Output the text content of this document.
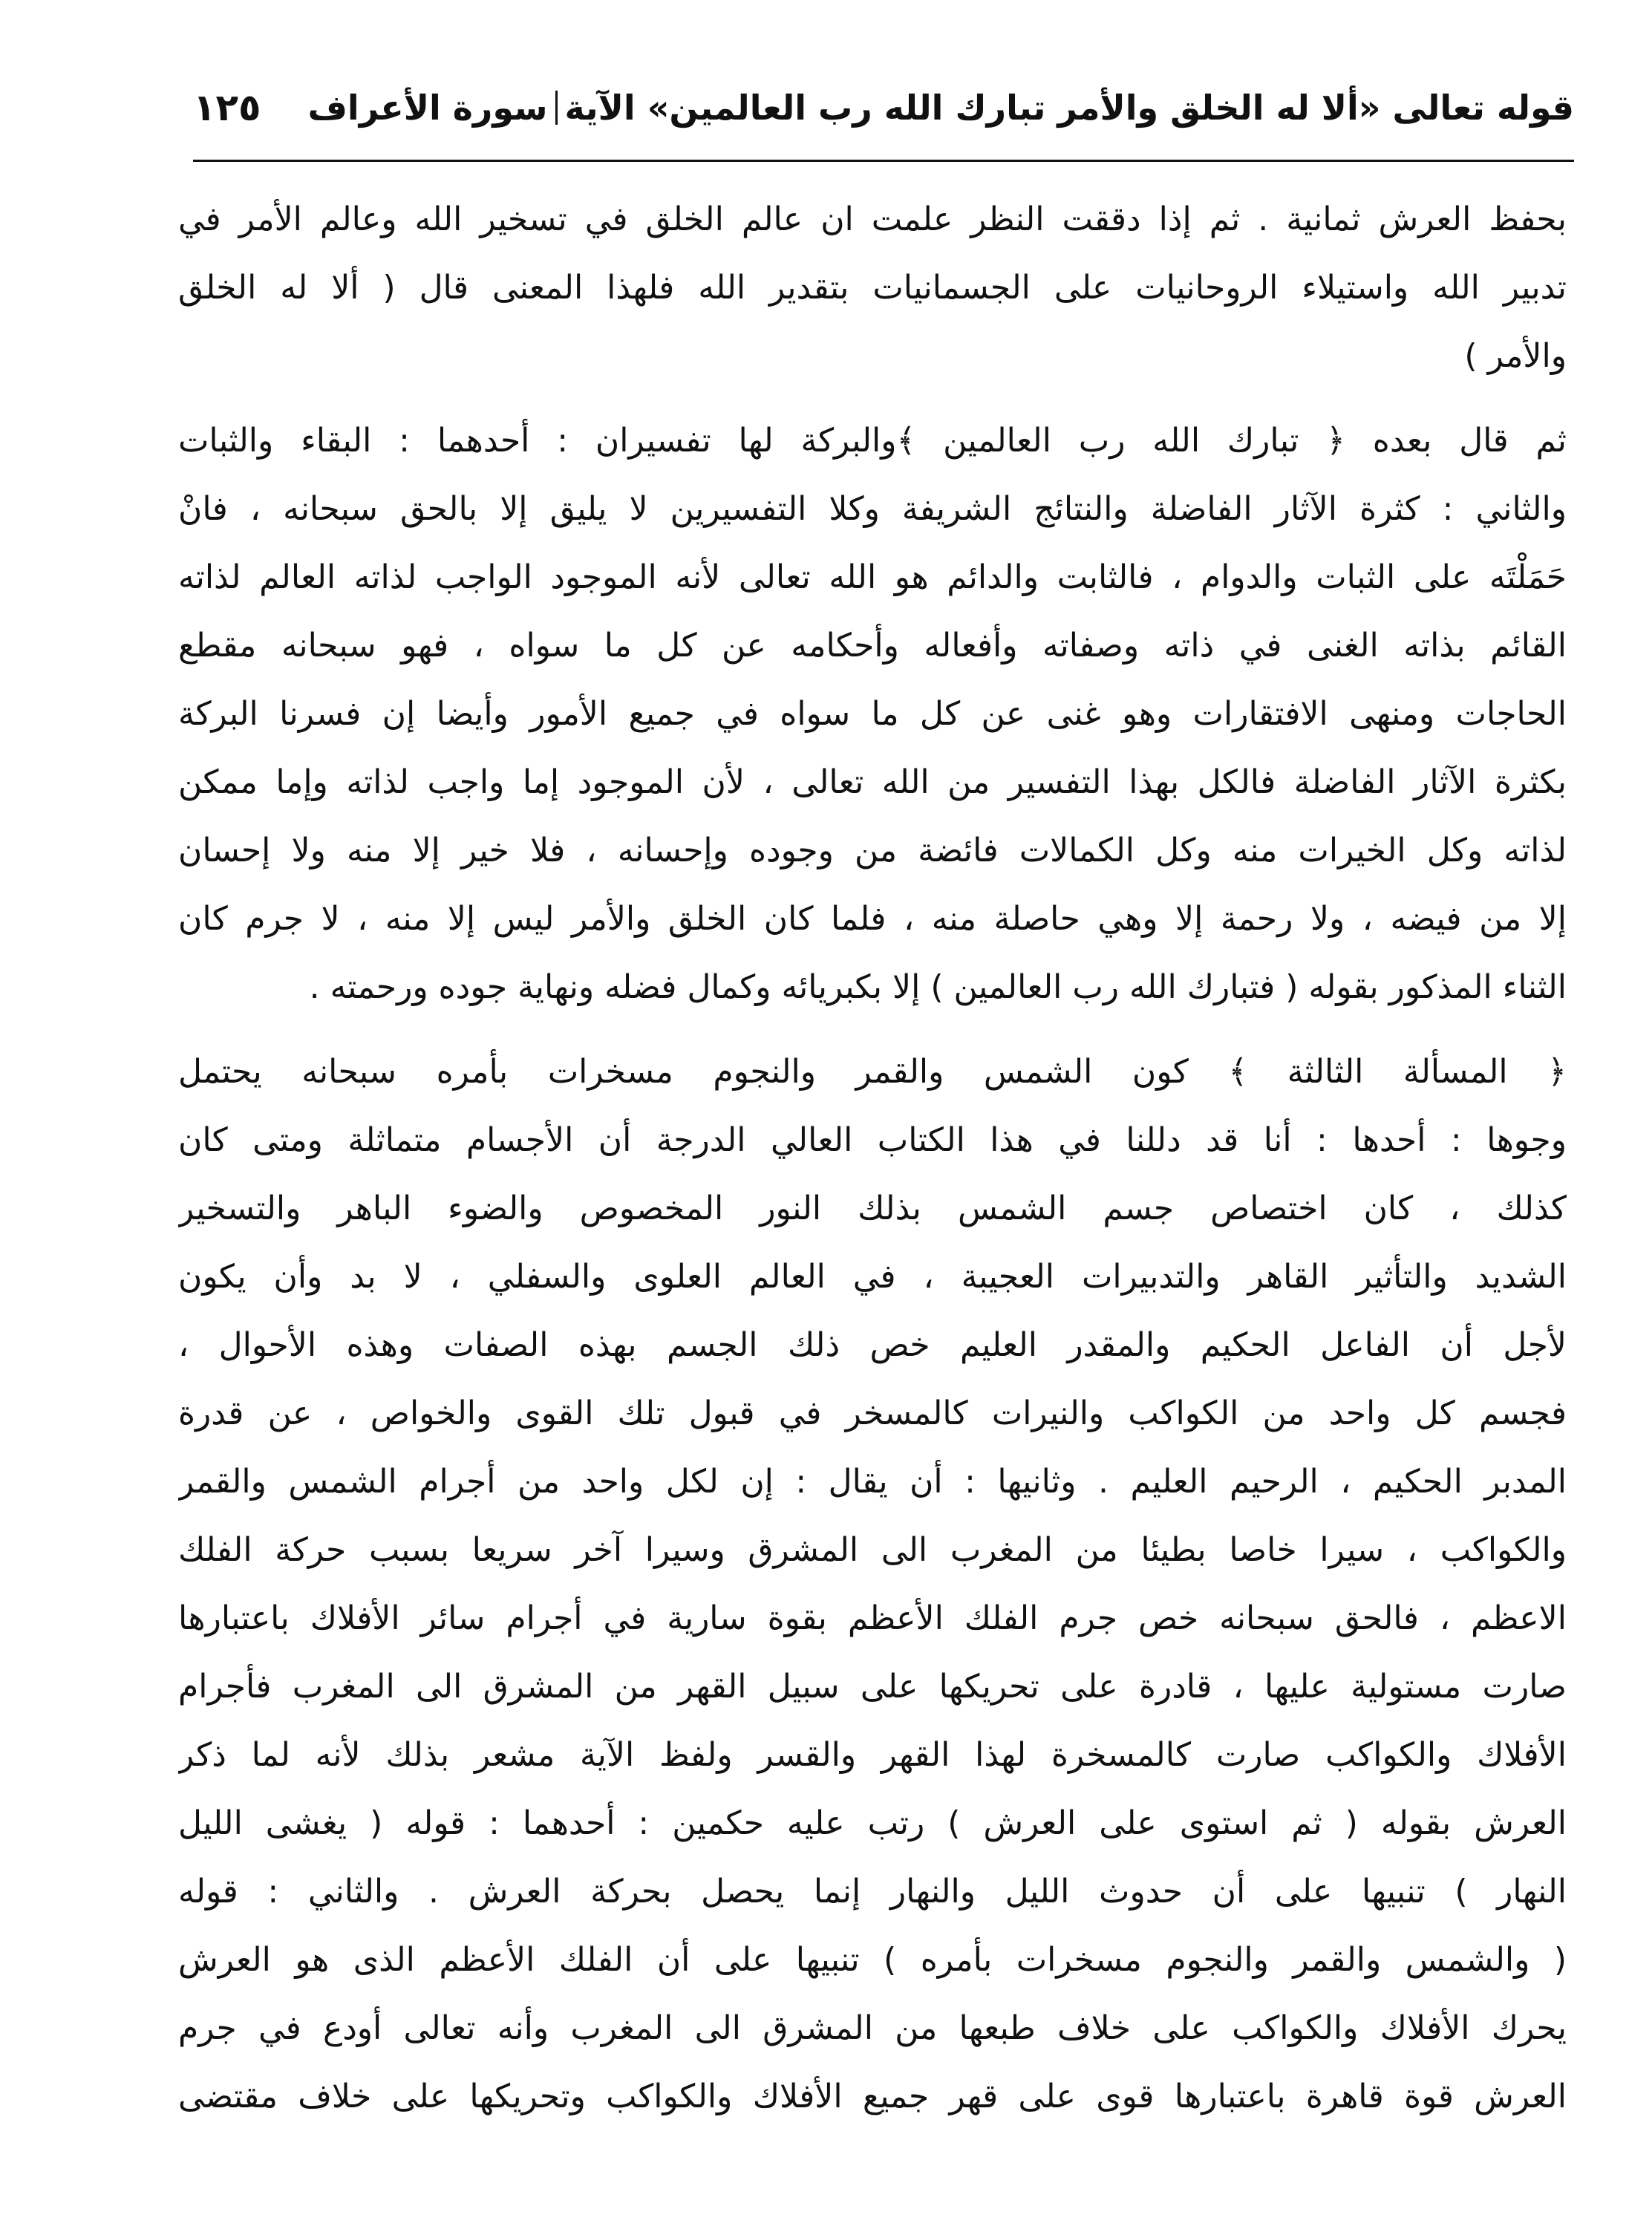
قوله تعالى «ألا له الخلق والأمر تبارك الله رب العالمين» الآية
سورة الأعراف
١٢٥
بحفظ العرش ثمانية . ثم إذا دققت النظر علمت ان عالم الخلق في تسخير الله وعالم الأمر في
تدبير الله واستيلاء الروحانيات على الجسمانيات بتقدير الله فلهذا المعنى قال ( ألا له الخلق
والأمر )
ثم قال بعده ﴿ تبارك الله رب العالمين ﴾والبركة لها تفسيران : أحدهما : البقاء والثبات
والثاني : كثرة الآثار الفاضلة والنتائج الشريفة وكلا التفسيرين لا يليق إلا بالحق سبحانه ، فانْ
حَمَلْتَه على الثبات والدوام ، فالثابت والدائم هو الله تعالى لأنه الموجود الواجب لذاته العالم لذاته
القائم بذاته الغنى في ذاته وصفاته وأفعاله وأحكامه عن كل ما سواه ، فهو سبحانه مقطع
الحاجات ومنهى الافتقارات وهو غنى عن كل ما سواه في جميع الأمور وأيضا إن فسرنا البركة
بكثرة الآثار الفاضلة فالكل بهذا التفسير من الله تعالى ، لأن الموجود إما واجب لذاته وإما ممكن
لذاته وكل الخيرات منه وكل الكمالات فائضة من وجوده وإحسانه ، فلا خير إلا منه ولا إحسان
إلا من فيضه ، ولا رحمة إلا وهي حاصلة منه ، فلما كان الخلق والأمر ليس إلا منه ، لا جرم كان
الثناء المذكور بقوله ( فتبارك الله رب العالمين ) إلا بكبريائه وكمال فضله ونهاية جوده ورحمته .
﴿ المسألة الثالثة ﴾ كون الشمس والقمر والنجوم مسخرات بأمره سبحانه يحتمل
وجوها : أحدها : أنا قد دللنا في هذا الكتاب العالي الدرجة أن الأجسام متماثلة ومتى كان
كذلك ، كان اختصاص جسم الشمس بذلك النور المخصوص والضوء الباهر والتسخير
الشديد والتأثير القاهر والتدبيرات العجيبة ، في العالم العلوى والسفلي ، لا بد وأن يكون
لأجل أن الفاعل الحكيم والمقدر العليم خص ذلك الجسم بهذه الصفات وهذه الأحوال ،
فجسم كل واحد من الكواكب والنيرات كالمسخر في قبول تلك القوى والخواص ، عن قدرة
المدبر الحكيم ، الرحيم العليم . وثانيها : أن يقال : إن لكل واحد من أجرام الشمس والقمر
والكواكب ، سيرا خاصا بطيئا من المغرب الى المشرق وسيرا آخر سريعا بسبب حركة الفلك
الاعظم ، فالحق سبحانه خص جرم الفلك الأعظم بقوة سارية في أجرام سائر الأفلاك باعتبارها
صارت مستولية عليها ، قادرة على تحريكها على سبيل القهر من المشرق الى المغرب فأجرام
الأفلاك والكواكب صارت كالمسخرة لهذا القهر والقسر ولفظ الآية مشعر بذلك لأنه لما ذكر
العرش بقوله ( ثم استوى على العرش ) رتب عليه حكمين : أحدهما : قوله ( يغشى الليل
النهار ) تنبيها على أن حدوث الليل والنهار إنما يحصل بحركة العرش . والثاني : قوله
( والشمس والقمر والنجوم مسخرات بأمره ) تنبيها على أن الفلك الأعظم الذى هو العرش
يحرك الأفلاك والكواكب على خلاف طبعها من المشرق الى المغرب وأنه تعالى أودع في جرم
العرش قوة قاهرة باعتبارها قوى على قهر جميع الأفلاك والكواكب وتحريكها على خلاف مقتضى
